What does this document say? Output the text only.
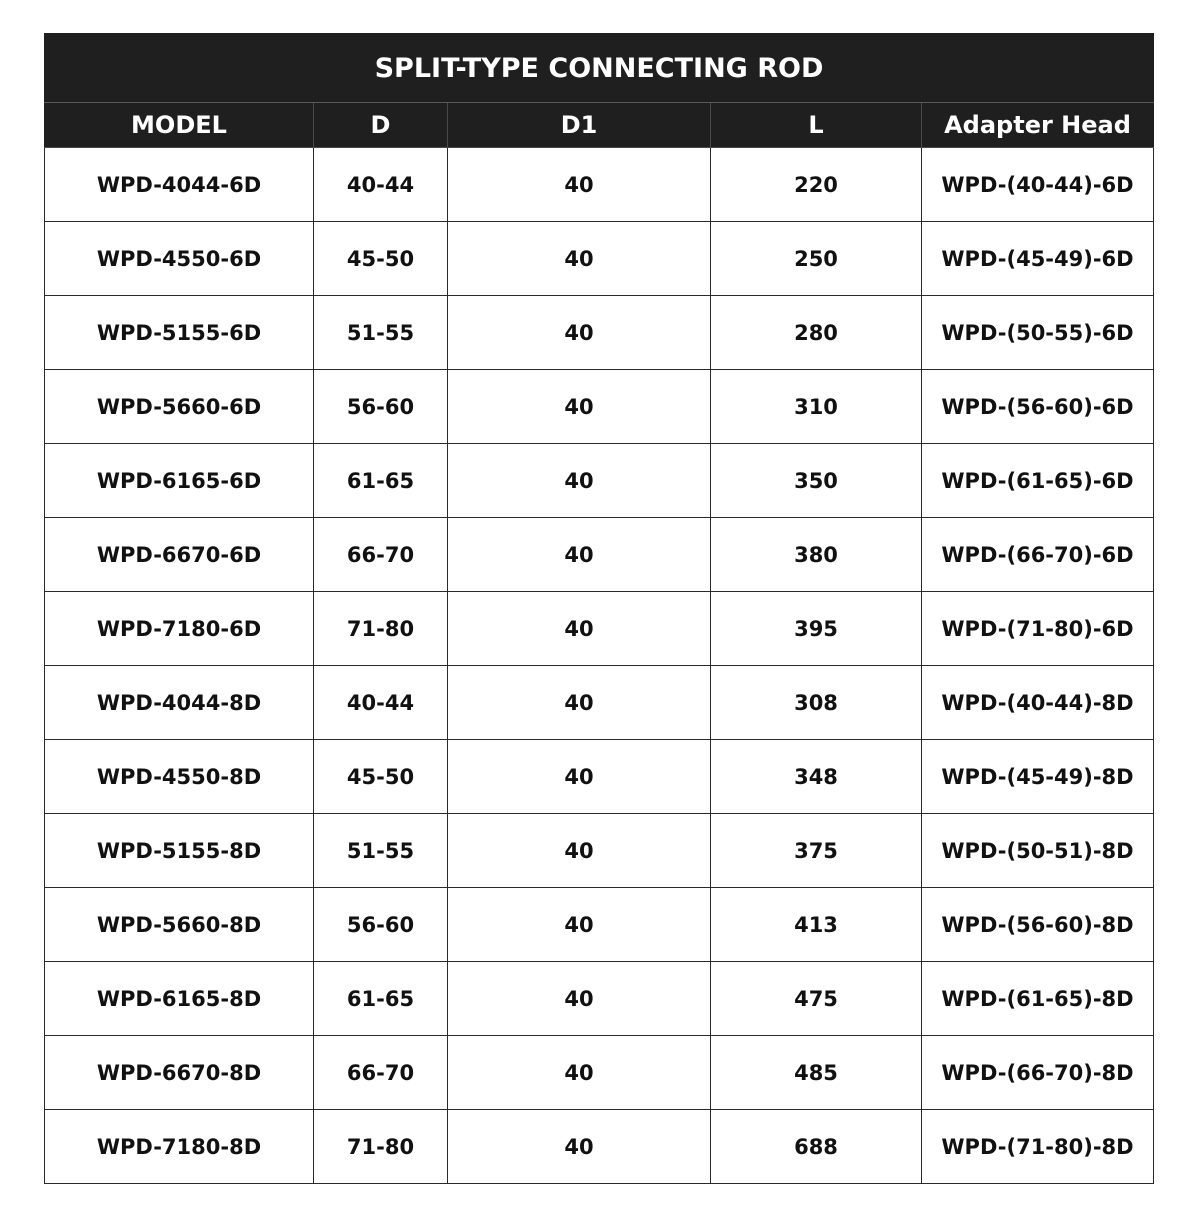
SPLIT-TYPE CONNECTING ROD				
MODEL	D	D1	L	Adapter Head
WPD-4044-6D	40-44	40	220	WPD-(40-44)-6D
WPD-4550-6D	45-50	40	250	WPD-(45-49)-6D
WPD-5155-6D	51-55	40	280	WPD-(50-55)-6D
WPD-5660-6D	56-60	40	310	WPD-(56-60)-6D
WPD-6165-6D	61-65	40	350	WPD-(61-65)-6D
WPD-6670-6D	66-70	40	380	WPD-(66-70)-6D
WPD-7180-6D	71-80	40	395	WPD-(71-80)-6D
WPD-4044-8D	40-44	40	308	WPD-(40-44)-8D
WPD-4550-8D	45-50	40	348	WPD-(45-49)-8D
WPD-5155-8D	51-55	40	375	WPD-(50-51)-8D
WPD-5660-8D	56-60	40	413	WPD-(56-60)-8D
WPD-6165-8D	61-65	40	475	WPD-(61-65)-8D
WPD-6670-8D	66-70	40	485	WPD-(66-70)-8D
WPD-7180-8D	71-80	40	688	WPD-(71-80)-8D
